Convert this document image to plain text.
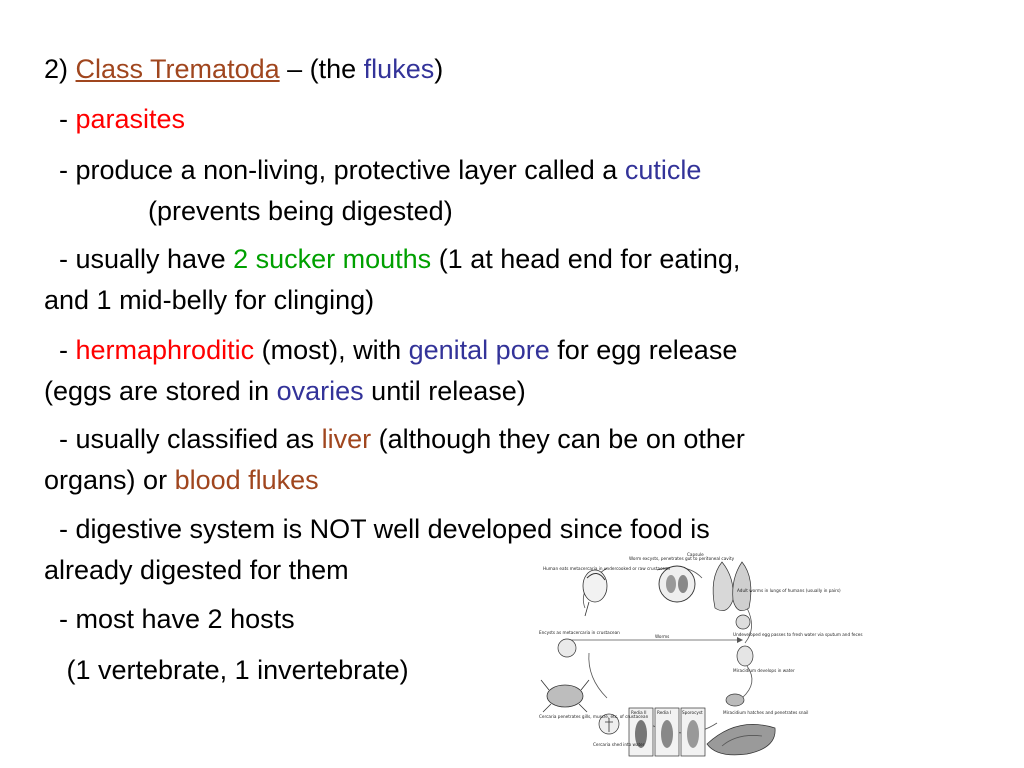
2) Class Trematoda – (the flukes)
- parasites
- produce a non-living, protective layer called a cuticle
(prevents being digested)
- usually have 2 sucker mouths (1 at head end for eating,
and 1 mid-belly for clinging)
- hermaphroditic (most), with genital pore for egg release
(eggs are stored in ovaries until release)
- usually classified as liver (although they can be on other
organs) or blood flukes
- digestive system is NOT well developed since food is
already digested for them
- most have 2 hosts
(1 vertebrate, 1 invertebrate)
Human eats metacercaria in undercooked or raw crustacean
Worm excysts, penetrates gut to peritoneal cavity
Capsule
Adult worms in lungs of humans (usually in pairs)
Undeveloped egg passes to fresh water via sputum and feces
Encysts as metacercaria in crustacean
Worms
Miracidium develops in water
Miracidium hatches and penetrates snail
Cercaria penetrates gills, muscle, etc. of crustacean
Cercaria shed into water
Redia II	Redia I	Sporocyst
